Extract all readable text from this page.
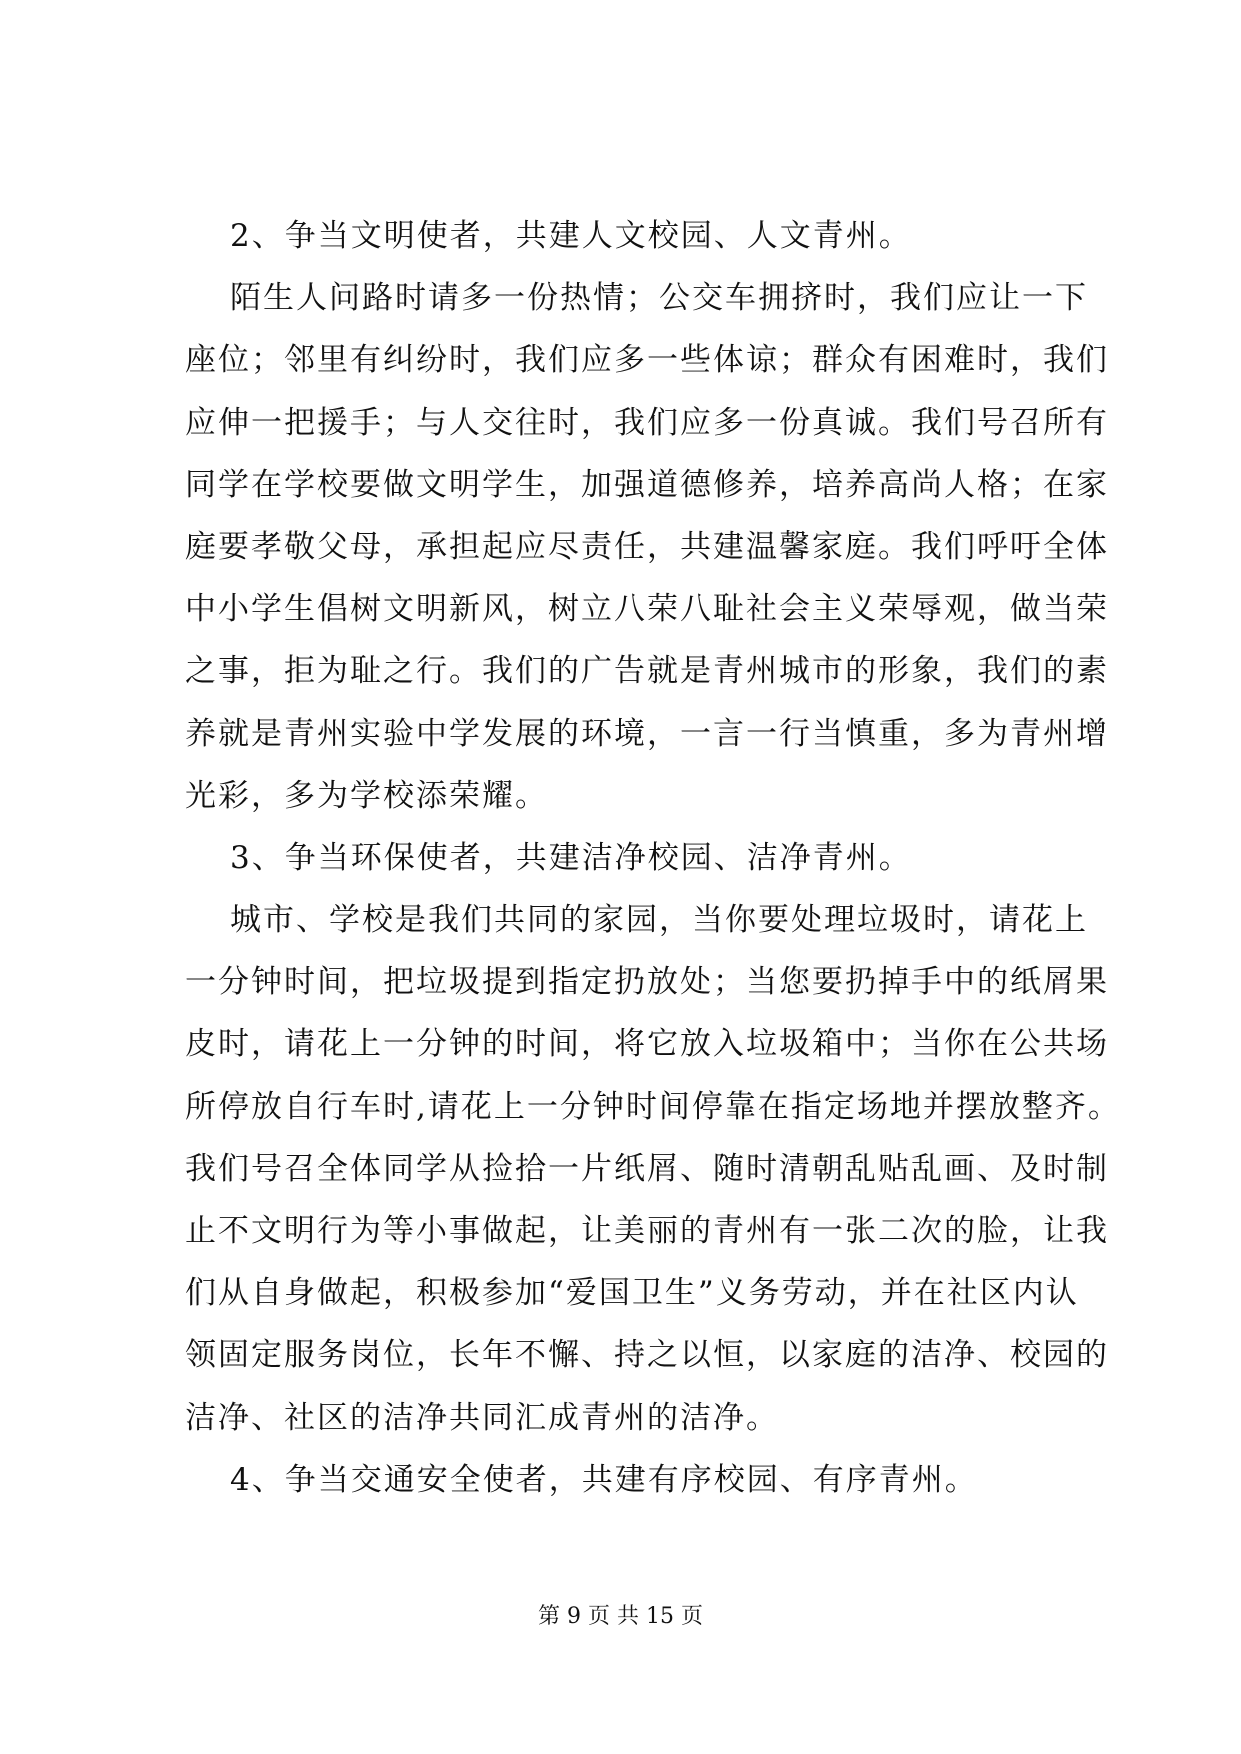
2、争当文明使者，共建人文校园、人文青州。
陌生人问路时请多一份热情；公交车拥挤时，我们应让一下
座位；邻里有纠纷时，我们应多一些体谅；群众有困难时，我们
应伸一把援手；与人交往时，我们应多一份真诚。我们号召所有
同学在学校要做文明学生，加强道德修养，培养高尚人格；在家
庭要孝敬父母，承担起应尽责任，共建温馨家庭。我们呼吁全体
中小学生倡树文明新风，树立八荣八耻社会主义荣辱观，做当荣
之事，拒为耻之行。我们的广告就是青州城市的形象，我们的素
养就是青州实验中学发展的环境，一言一行当慎重，多为青州增
光彩，多为学校添荣耀。
3、争当环保使者，共建洁净校园、洁净青州。
城市、学校是我们共同的家园，当你要处理垃圾时，请花上
一分钟时间，把垃圾提到指定扔放处；当您要扔掉手中的纸屑果
皮时，请花上一分钟的时间，将它放入垃圾箱中；当你在公共场
所停放自行车时,请花上一分钟时间停靠在指定场地并摆放整齐。
我们号召全体同学从捡拾一片纸屑、随时清朝乱贴乱画、及时制
止不文明行为等小事做起，让美丽的青州有一张二次的脸，让我
们从自身做起，积极参加“爱国卫生”义务劳动，并在社区内认
领固定服务岗位，长年不懈、持之以恒，以家庭的洁净、校园的
洁净、社区的洁净共同汇成青州的洁净。
4、争当交通安全使者，共建有序校园、有序青州。
第 9 页 共 15 页
